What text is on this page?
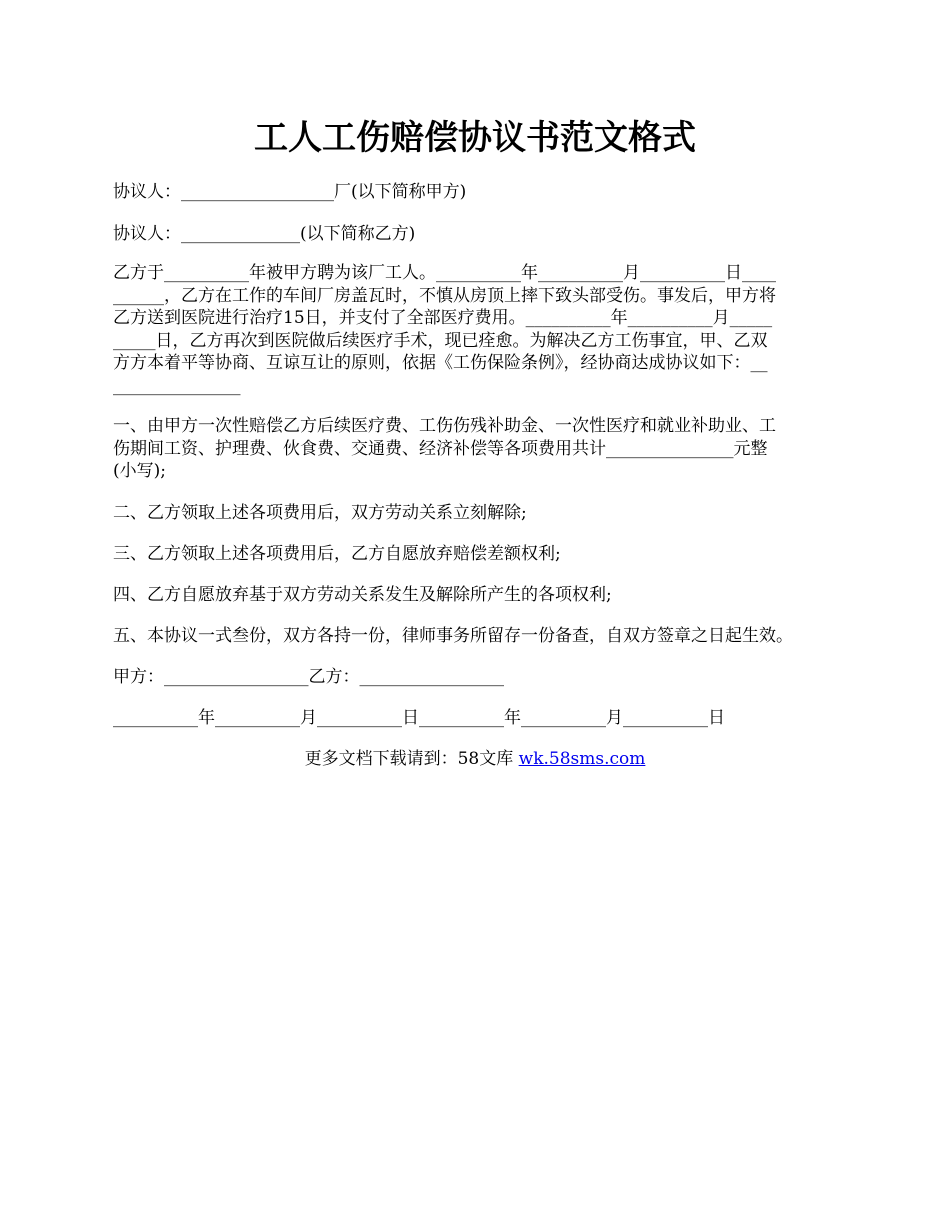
工人工伤赔偿协议书范文格式
协议人：__________________厂(以下简称甲方)
协议人：______________(以下简称乙方)
乙方于__________年被甲方聘为该厂工人。__________年__________月__________日____
______，乙方在工作的车间厂房盖瓦时，不慎从房顶上摔下致头部受伤。事发后，甲方将
乙方送到医院进行治疗15日，并支付了全部医疗费用。__________年__________月_____
_____日，乙方再次到医院做后续医疗手术，现已痊愈。为解决乙方工伤事宜，甲、乙双
方方本着平等协商、互谅互让的原则，依据《工伤保险条例》，经协商达成协议如下：__
_______________
一、由甲方一次性赔偿乙方后续医疗费、工伤伤残补助金、一次性医疗和就业补助业、工
伤期间工资、护理费、伙食费、交通费、经济补偿等各项费用共计_______________元整
(小写);
二、乙方领取上述各项费用后，双方劳动关系立刻解除;
三、乙方领取上述各项费用后，乙方自愿放弃赔偿差额权利;
四、乙方自愿放弃基于双方劳动关系发生及解除所产生的各项权利;
五、本协议一式叁份，双方各持一份，律师事务所留存一份备查，自双方签章之日起生效。
甲方：_________________乙方：_________________
__________年__________月__________日__________年__________月__________日
更多文档下载请到：58文库 wk.58sms.com
